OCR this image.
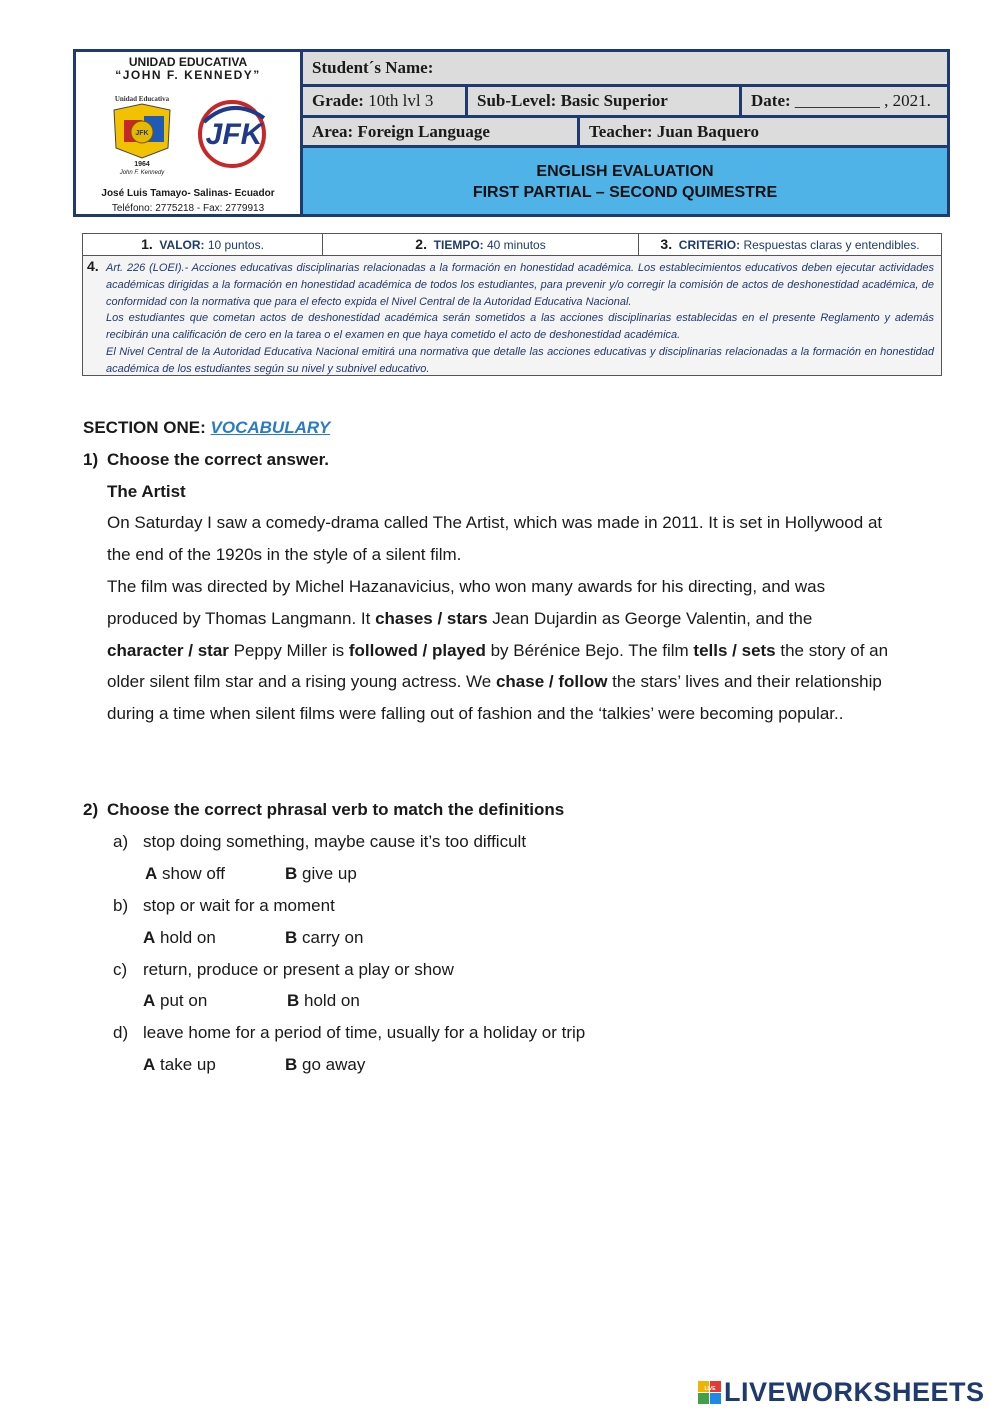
UNIDAD EDUCATIVA
“JOHN F. KENNEDY”
Unidad Educativa
JFK
1964
John F. Kennedy
JFK
José Luis Tamayo- Salinas- Ecuador
Teléfono: 2775218 - Fax: 2779913
Student´s Name:
Grade: 10th lvl 3	Sub-Level: Basic Superior	Date: __________ , 2021.
Area: Foreign Language	Teacher: Juan Baquero
ENGLISH EVALUATION
FIRST PARTIAL – SECOND QUIMESTRE
1. VALOR: 10 puntos.	2. TIEMPO: 40 minutos	3. CRITERIO: Respuestas claras y entendibles.
4. Art. 226 (LOEI).- Acciones educativas disciplinarias relacionadas a la formación en honestidad académica. Los establecimientos educativos deben ejecutar actividades académicas dirigidas a la formación en honestidad académica de todos los estudiantes, para prevenir y/o corregir la comisión de actos de deshonestidad académica, de conformidad con la normativa que para el efecto expida el Nivel Central de la Autoridad Educativa Nacional.
Los estudiantes que cometan actos de deshonestidad académica serán sometidos a las acciones disciplinarias establecidas en el presente Reglamento y además recibirán una calificación de cero en la tarea o el examen en que haya cometido el acto de deshonestidad académica.
El Nivel Central de la Autoridad Educativa Nacional emitirá una normativa que detalle las acciones educativas y disciplinarias relacionadas a la formación en honestidad académica de los estudiantes según su nivel y subnivel educativo.
SECTION ONE: VOCABULARY
1) Choose the correct answer.
The Artist
On Saturday I saw a comedy-drama called The Artist, which was made in 2011. It is set in Hollywood at the end of the 1920s in the style of a silent film.
The film was directed by Michel Hazanavicius, who won many awards for his directing, and was produced by Thomas Langmann. It chases / stars Jean Dujardin as George Valentin, and the character / star Peppy Miller is followed / played by Bérénice Bejo. The film tells / sets the story of an older silent film star and a rising young actress. We chase / follow the stars’ lives and their relationship during a time when silent films were falling out of fashion and the ‘talkies’ were becoming popular..
2) Choose the correct phrasal verb to match the definitions
a) stop doing something, maybe cause it’s too difficult
A show off	B give up
b) stop or wait for a moment
A hold on	B carry on
c) return, produce or present a play or show
A put on	B hold on
d) leave home for a period of time, usually for a holiday or trip
A take up	B go away
LIVE LIVEWORKSHEETS
